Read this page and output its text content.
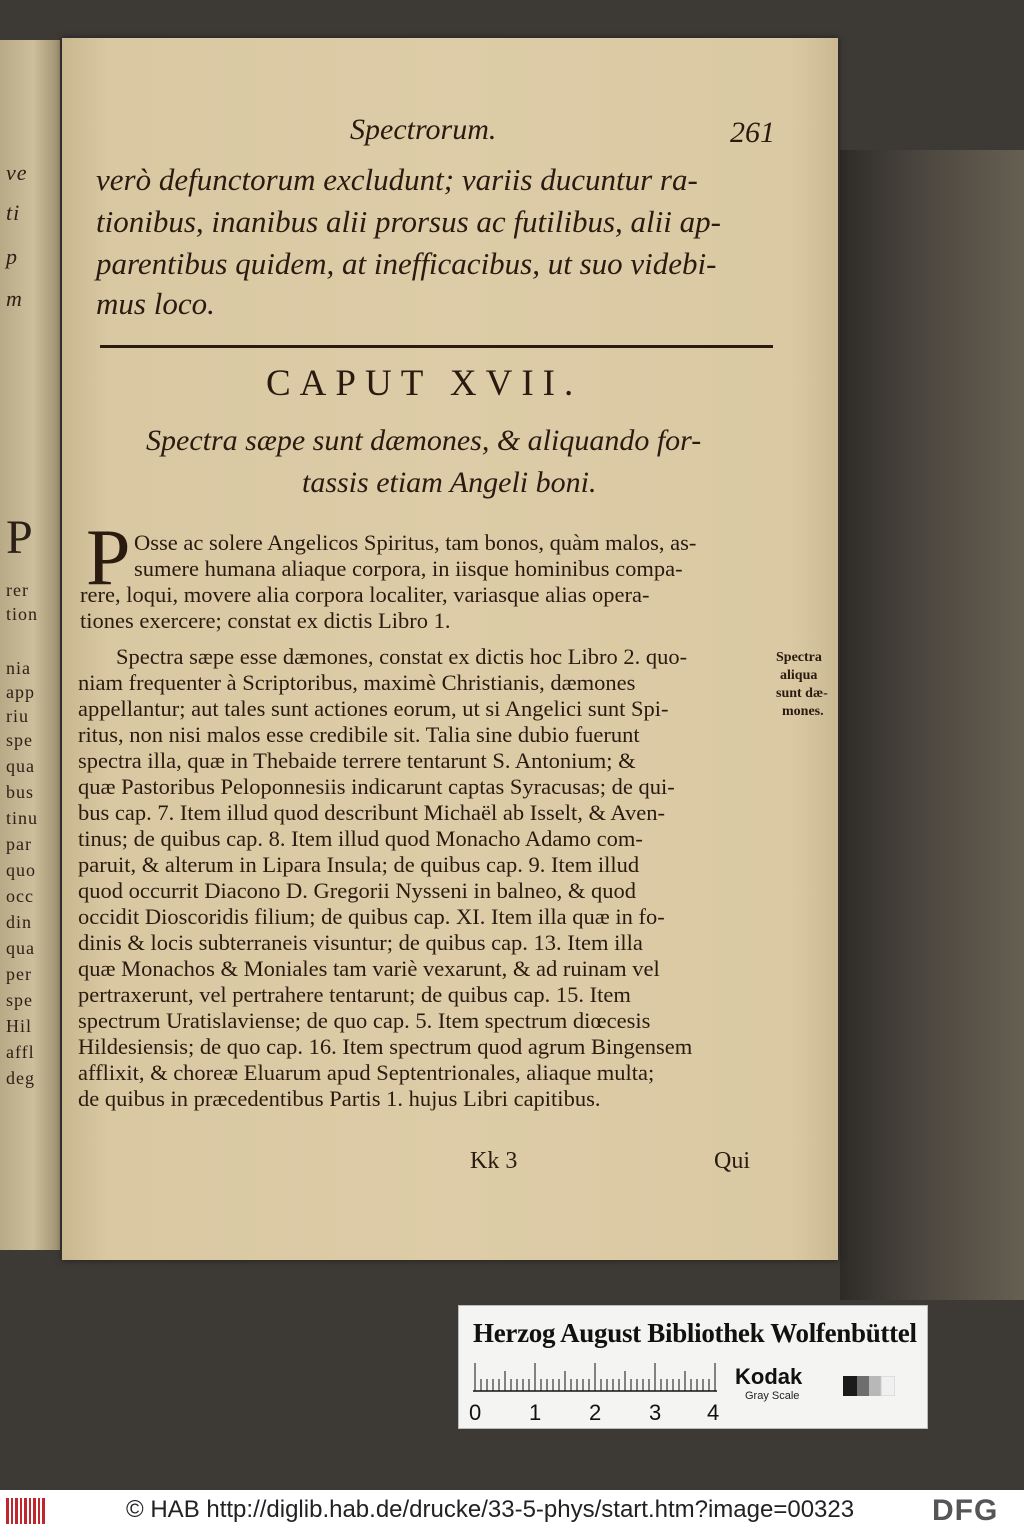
ve
ti
p
m
P
rer
tion
nia
app
riu
spe
qua
bus
tinu
par
quo
occ
din
qua
per
spe
Hil
affl
deg
Spectrorum.	261
verò defunctorum excludunt; variis ducuntur ra-
tionibus, inanibus alii prorsus ac futilibus, alii ap-
parentibus quidem, at inefficacibus, ut suo videbi-
mus loco.
CAPUT XVII.
Spectra sæpe sunt dæmones, & aliquando for-
tassis etiam Angeli boni.
P Osse ac solere Angelicos Spiritus, tam bonos, quàm malos, as-
sumere humana aliaque corpora, in iisque hominibus compa-
rere, loqui, movere alia corpora localiter, variasque alias opera-
tiones exercere; constat ex dictis Libro 1.
Spectra sæpe esse dæmones, constat ex dictis hoc Libro 2. quo-
niam frequenter à Scriptoribus, maximè Christianis, dæmones
appellantur; aut tales sunt actiones eorum, ut si Angelici sunt Spi-
ritus, non nisi malos esse credibile sit. Talia sine dubio fuerunt
spectra illa, quæ in Thebaide terrere tentarunt S. Antonium; &
quæ Pastoribus Peloponnesiis indicarunt captas Syracusas; de qui-
bus cap. 7. Item illud quod describunt Michaël ab Isselt, & Aven-
tinus; de quibus cap. 8. Item illud quod Monacho Adamo com-
paruit, & alterum in Lipara Insula; de quibus cap. 9. Item illud
quod occurrit Diacono D. Gregorii Nysseni in balneo, & quod
occidit Dioscoridis filium; de quibus cap. XI. Item illa quæ in fo-
dinis & locis subterraneis visuntur; de quibus cap. 13. Item illa
quæ Monachos & Moniales tam variè vexarunt, & ad ruinam vel
pertraxerunt, vel pertrahere tentarunt; de quibus cap. 15. Item
spectrum Uratislaviense; de quo cap. 5. Item spectrum diœcesis
Hildesiensis; de quo cap. 16. Item spectrum quod agrum Bingensem
afflixit, & choreæ Eluarum apud Septentrionales, aliaque multa;
de quibus in præcedentibus Partis 1. hujus Libri capitibus.
Spectra
aliqua
sunt dæ-
mones.
Kk 3	Qui
Herzog August Bibliothek Wolfenbüttel
0 1 2 3 4
Kodak
Gray Scale
© HAB http://diglib.hab.de/drucke/33-5-phys/start.htm?image=00323	DFG
